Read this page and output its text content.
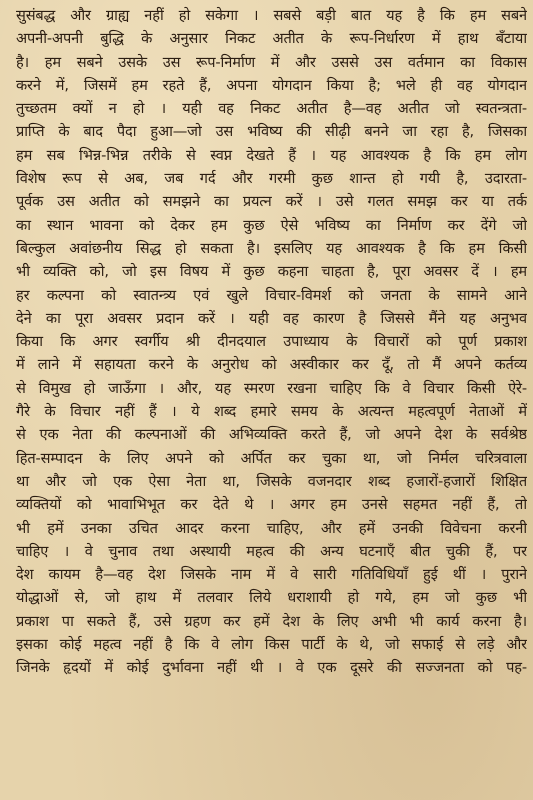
सुसंबद्ध और ग्राह्य नहीं हो सकेगा । सबसे बड़ी बात यह है कि हम सबने
अपनी-अपनी बुद्धि के अनुसार निकट अतीत के रूप-निर्धारण में हाथ बँटाया
है। हम सबने उसके उस रूप-निर्माण में और उससे उस वर्तमान का विकास
करने में, जिसमें हम रहते हैं, अपना योगदान किया है; भले ही वह योगदान
तुच्छतम क्यों न हो । यही वह निकट अतीत है—वह अतीत जो स्वतन्त्रता-
प्राप्ति के बाद पैदा हुआ—जो उस भविष्य की सीढ़ी बनने जा रहा है, जिसका
हम सब भिन्न-भिन्न तरीके से स्वप्न देखते हैं । यह आवश्यक है कि हम लोग
विशेष रूप से अब, जब गर्द और गरमी कुछ शान्त हो गयी है, उदारता-
पूर्वक उस अतीत को समझने का प्रयत्न करें । उसे गलत समझ कर या तर्क
का स्थान भावना को देकर हम कुछ ऐसे भविष्य का निर्माण कर देंगे जो
बिल्कुल अवांछनीय सिद्ध हो सकता है। इसलिए यह आवश्यक है कि हम किसी
भी व्यक्ति को, जो इस विषय में कुछ कहना चाहता है, पूरा अवसर दें । हम
हर कल्पना को स्वातन्त्र्य एवं खुले विचार-विमर्श को जनता के सामने आने
देने का पूरा अवसर प्रदान करें । यही वह कारण है जिससे मैंने यह अनुभव
किया कि अगर स्वर्गीय श्री दीनदयाल उपाध्याय के विचारों को पूर्ण प्रकाश
में लाने में सहायता करने के अनुरोध को अस्वीकार कर दूँ, तो मैं अपने कर्तव्य
से विमुख हो जाऊँगा । और, यह स्मरण रखना चाहिए कि वे विचार किसी ऐरे-
गैरे के विचार नहीं हैं । ये शब्द हमारे समय के अत्यन्त महत्वपूर्ण नेताओं में
से एक नेता की कल्पनाओं की अभिव्यक्ति करते हैं, जो अपने देश के सर्वश्रेष्ठ
हित-सम्पादन के लिए अपने को अर्पित कर चुका था, जो निर्मल चरित्रवाला
था और जो एक ऐसा नेता था, जिसके वजनदार शब्द हजारों-हजारों शिक्षित
व्यक्तियों को भावाभिभूत कर देते थे । अगर हम उनसे सहमत नहीं हैं, तो
भी हमें उनका उचित आदर करना चाहिए, और हमें उनकी विवेचना करनी
चाहिए । वे चुनाव तथा अस्थायी महत्व की अन्य घटनाएँ बीत चुकी हैं, पर
देश कायम है—वह देश जिसके नाम में वे सारी गतिविधियाँ हुई थीं । पुराने
योद्धाओं से, जो हाथ में तलवार लिये धराशायी हो गये, हम जो कुछ भी
प्रकाश पा सकते हैं, उसे ग्रहण कर हमें देश के लिए अभी भी कार्य करना है।
इसका कोई महत्व नहीं है कि वे लोग किस पार्टी के थे, जो सफाई से लड़े और
जिनके हृदयों में कोई दुर्भावना नहीं थी । वे एक दूसरे की सज्जनता को पह-
